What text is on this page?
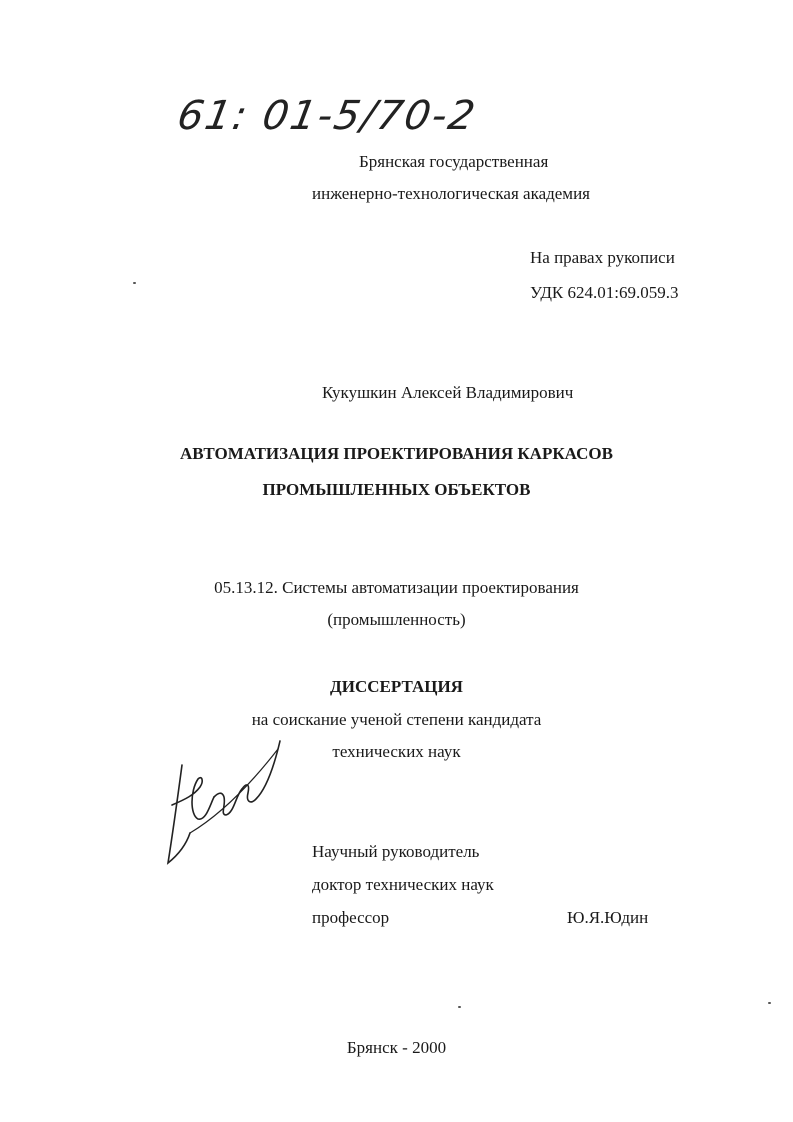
61: 01-5/70-2
Брянская государственная
инженерно-технологическая академия
На правах рукописи
УДК 624.01:69.059.3
Кукушкин Алексей Владимирович
АВТОМАТИЗАЦИЯ ПРОЕКТИРОВАНИЯ КАРКАСОВ
ПРОМЫШЛЕННЫХ ОБЪЕКТОВ
05.13.12. Системы автоматизации проектирования
(промышленность)
ДИССЕРТАЦИЯ
на соискание ученой степени кандидата
технических наук
Научный руководитель
доктор технических наук
профессор	Ю.Я.Юдин
Брянск - 2000
